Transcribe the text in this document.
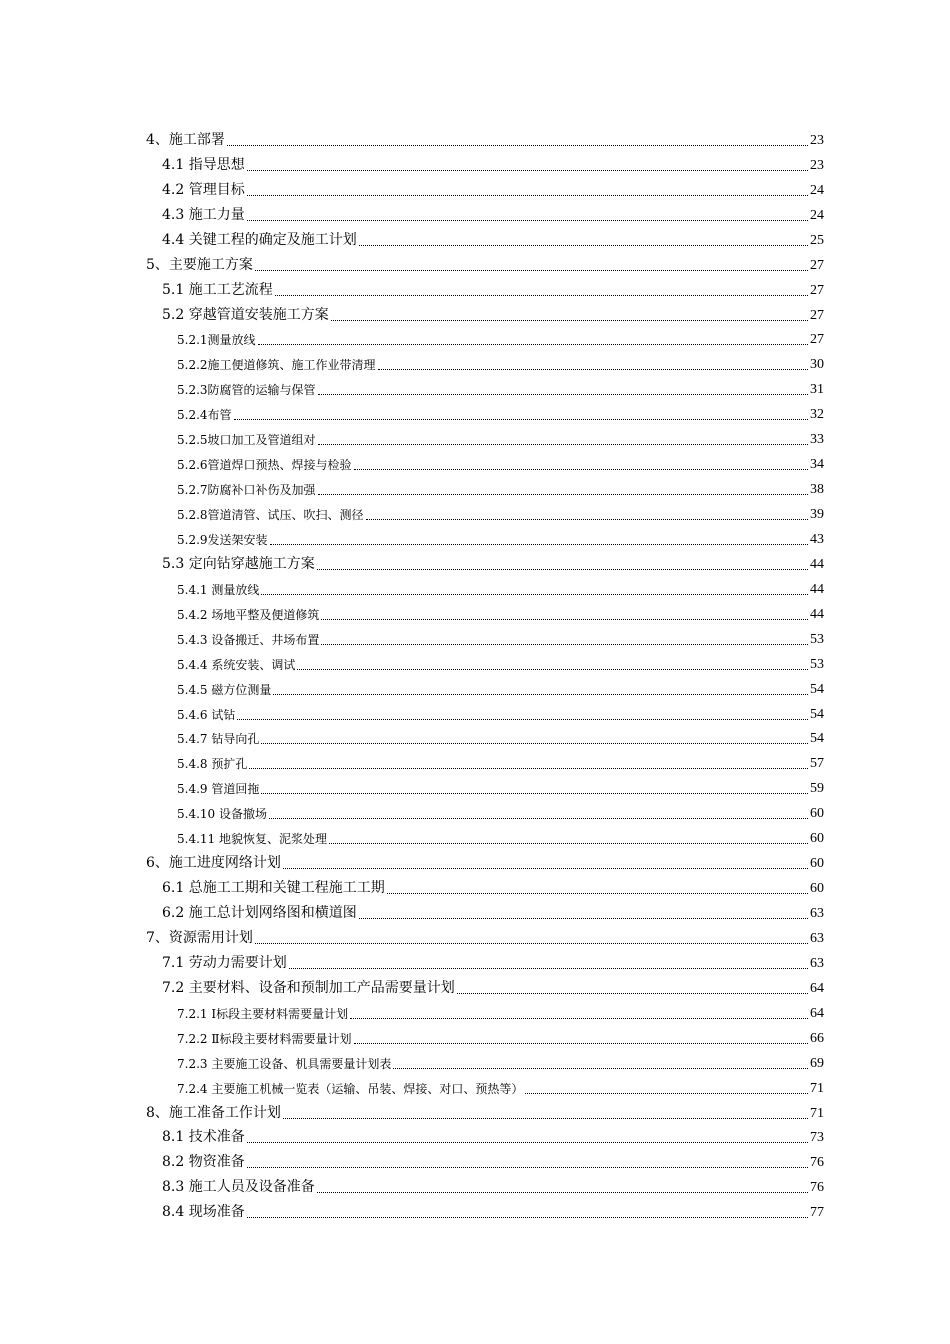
4、施工部署	23
4.1 指导思想	23
4.2 管理目标	24
4.3 施工力量	24
4.4 关键工程的确定及施工计划	25
5、主要施工方案	27
5.1 施工工艺流程	27
5.2 穿越管道安装施工方案	27
5.2.1测量放线	27
5.2.2施工便道修筑、施工作业带清理	30
5.2.3防腐管的运输与保管	31
5.2.4布管	32
5.2.5坡口加工及管道组对	33
5.2.6管道焊口预热、焊接与检验	34
5.2.7防腐补口补伤及加强	38
5.2.8管道清管、试压、吹扫、测径	39
5.2.9发送架安装	43
5.3 定向钻穿越施工方案	44
5.4.1 测量放线	44
5.4.2 场地平整及便道修筑	44
5.4.3 设备搬迁、井场布置	53
5.4.4 系统安装、调试	53
5.4.5 磁方位测量	54
5.4.6 试钻	54
5.4.7 钻导向孔	54
5.4.8 预扩孔	57
5.4.9 管道回拖	59
5.4.10 设备撤场	60
5.4.11 地貌恢复、泥浆处理	60
6、施工进度网络计划	60
6.1 总施工工期和关键工程施工工期	60
6.2 施工总计划网络图和横道图	63
7、资源需用计划	63
7.1 劳动力需要计划	63
7.2 主要材料、设备和预制加工产品需要量计划	64
7.2.1 Ⅰ标段主要材料需要量计划	64
7.2.2 Ⅱ标段主要材料需要量计划	66
7.2.3 主要施工设备、机具需要量计划表	69
7.2.4 主要施工机械一览表（运输、吊装、焊接、对口、预热等）	71
8、施工准备工作计划	71
8.1 技术准备	73
8.2 物资准备	76
8.3 施工人员及设备准备	76
8.4 现场准备	77
